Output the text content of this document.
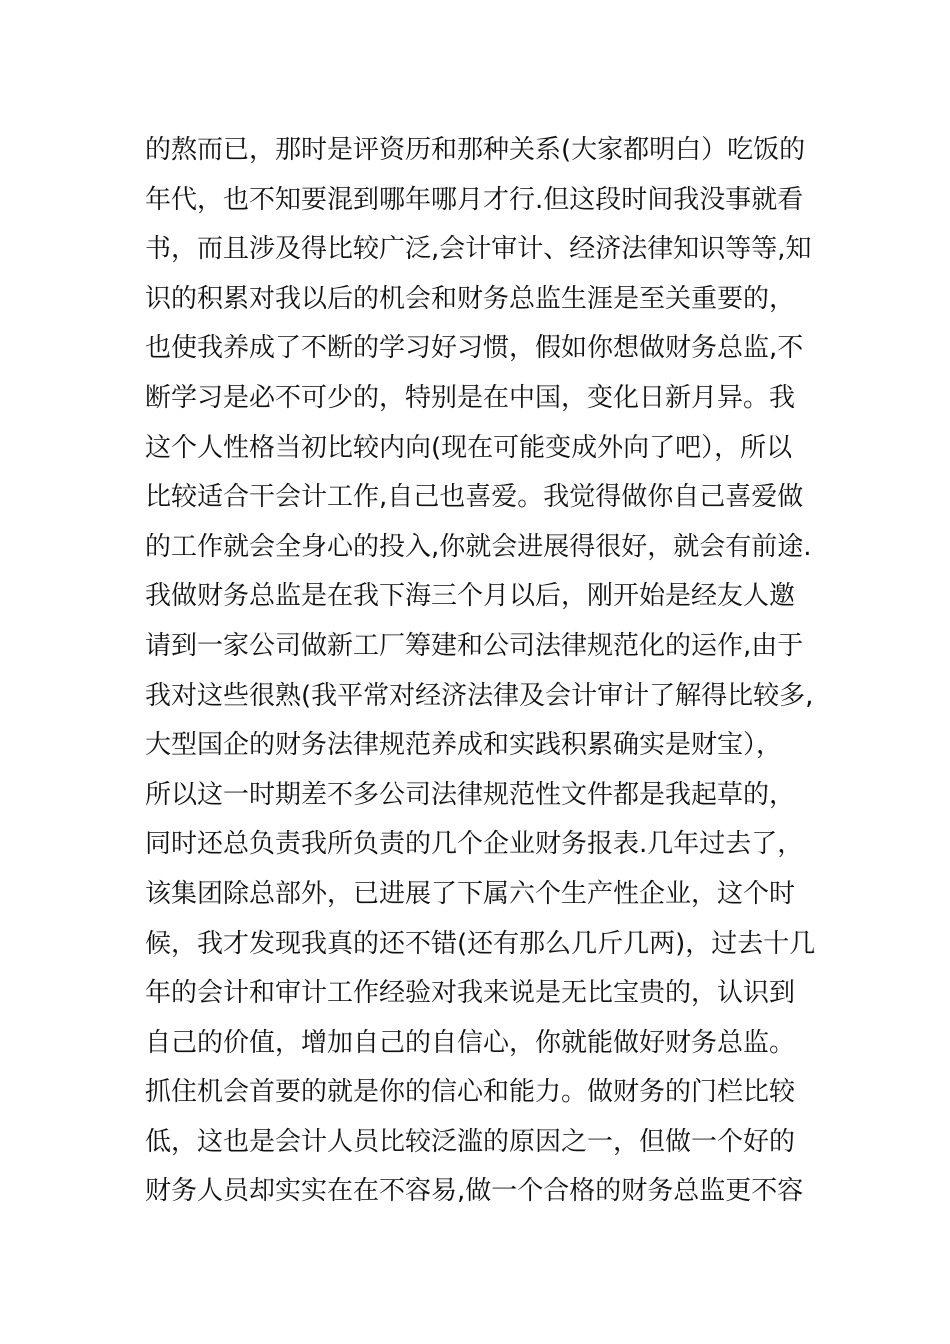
的熬而已，那时是评资历和那种关系(大家都明白）吃饭的
年代，也不知要混到哪年哪月才行.但这段时间我没事就看
书，而且涉及得比较广泛,会计审计、经济法律知识等等,知
识的积累对我以后的机会和财务总监生涯是至关重要的，
也使我养成了不断的学习好习惯，假如你想做财务总监,不
断学习是必不可少的，特别是在中国，变化日新月异。我
这个人性格当初比较内向(现在可能变成外向了吧），所以
比较适合干会计工作,自己也喜爱。我觉得做你自己喜爱做
的工作就会全身心的投入,你就会进展得很好，就会有前途.
我做财务总监是在我下海三个月以后，刚开始是经友人邀
请到一家公司做新工厂筹建和公司法律规范化的运作,由于
我对这些很熟(我平常对经济法律及会计审计了解得比较多,
大型国企的财务法律规范养成和实践积累确实是财宝），
所以这一时期差不多公司法律规范性文件都是我起草的，
同时还总负责我所负责的几个企业财务报表.几年过去了，
该集团除总部外，已进展了下属六个生产性企业，这个时
候，我才发现我真的还不错(还有那么几斤几两)，过去十几
年的会计和审计工作经验对我来说是无比宝贵的，认识到
自己的价值，增加自己的自信心，你就能做好财务总监。
抓住机会首要的就是你的信心和能力。做财务的门栏比较
低，这也是会计人员比较泛滥的原因之一，但做一个好的
财务人员却实实在在不容易,做一个合格的财务总监更不容
